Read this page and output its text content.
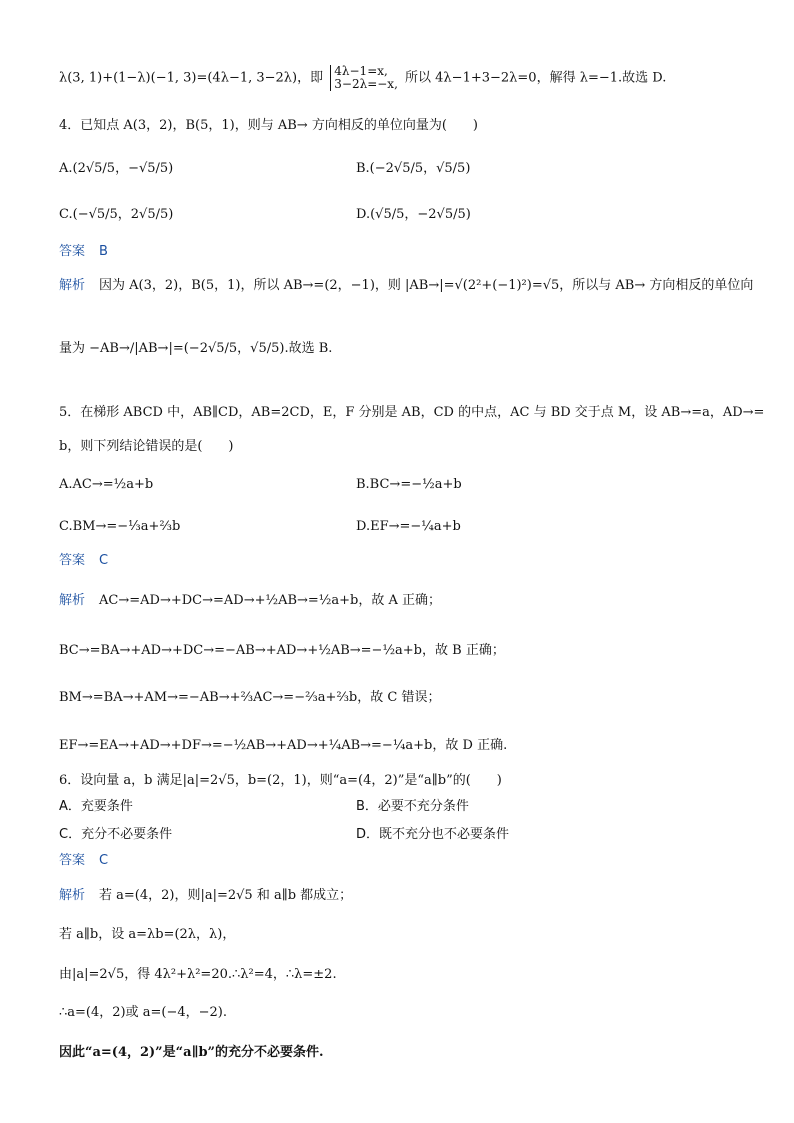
λ(3, 1)+(1−λ)(−1, 3)=(4λ−1, 3−2λ)，即 4λ−1=x,
3−2λ=−x, 所以 4λ−1+3−2λ=0，解得 λ=−1.故选 D.
4．已知点 A(3，2)，B(5，1)，则与 AB→ 方向相反的单位向量为(　　)
A.(2√5/5，−√5/5)	B.(−2√5/5，√5/5)
C.(−√5/5，2√5/5)	D.(√5/5，−2√5/5)
答案 B
解析 因为 A(3，2)，B(5，1)，所以 AB→=(2，−1)，则 |AB→|=√(2²+(−1)²)=√5，所以与 AB→ 方向相反的单位向
量为 −AB→/|AB→|=(−2√5/5，√5/5).故选 B.
5．在梯形 ABCD 中，AB∥CD，AB=2CD，E，F 分别是 AB，CD 的中点，AC 与 BD 交于点 M，设 AB→=a，AD→=
b，则下列结论错误的是(　　)
A.AC→=½a+b	B.BC→=−½a+b
C.BM→=−⅓a+⅔b	D.EF→=−¼a+b
答案 C
解析 AC→=AD→+DC→=AD→+½AB→=½a+b，故 A 正确；
BC→=BA→+AD→+DC→=−AB→+AD→+½AB→=−½a+b，故 B 正确；
BM→=BA→+AM→=−AB→+⅔AC→=−⅔a+⅔b，故 C 错误；
EF→=EA→+AD→+DF→=−½AB→+AD→+¼AB→=−¼a+b，故 D 正确.
6．设向量 a，b 满足|a|=2√5，b=(2，1)，则“a=(4，2)”是“a∥b”的(　　)
A．充要条件	B．必要不充分条件
C．充分不必要条件	D．既不充分也不必要条件
答案 C
解析 若 a=(4，2)，则|a|=2√5 和 a∥b 都成立；
若 a∥b，设 a=λb=(2λ，λ)，
由|a|=2√5，得 4λ²+λ²=20.∴λ²=4，∴λ=±2.
∴a=(4，2)或 a=(−4，−2).
因此“a=(4，2)”是“a∥b”的充分不必要条件.
